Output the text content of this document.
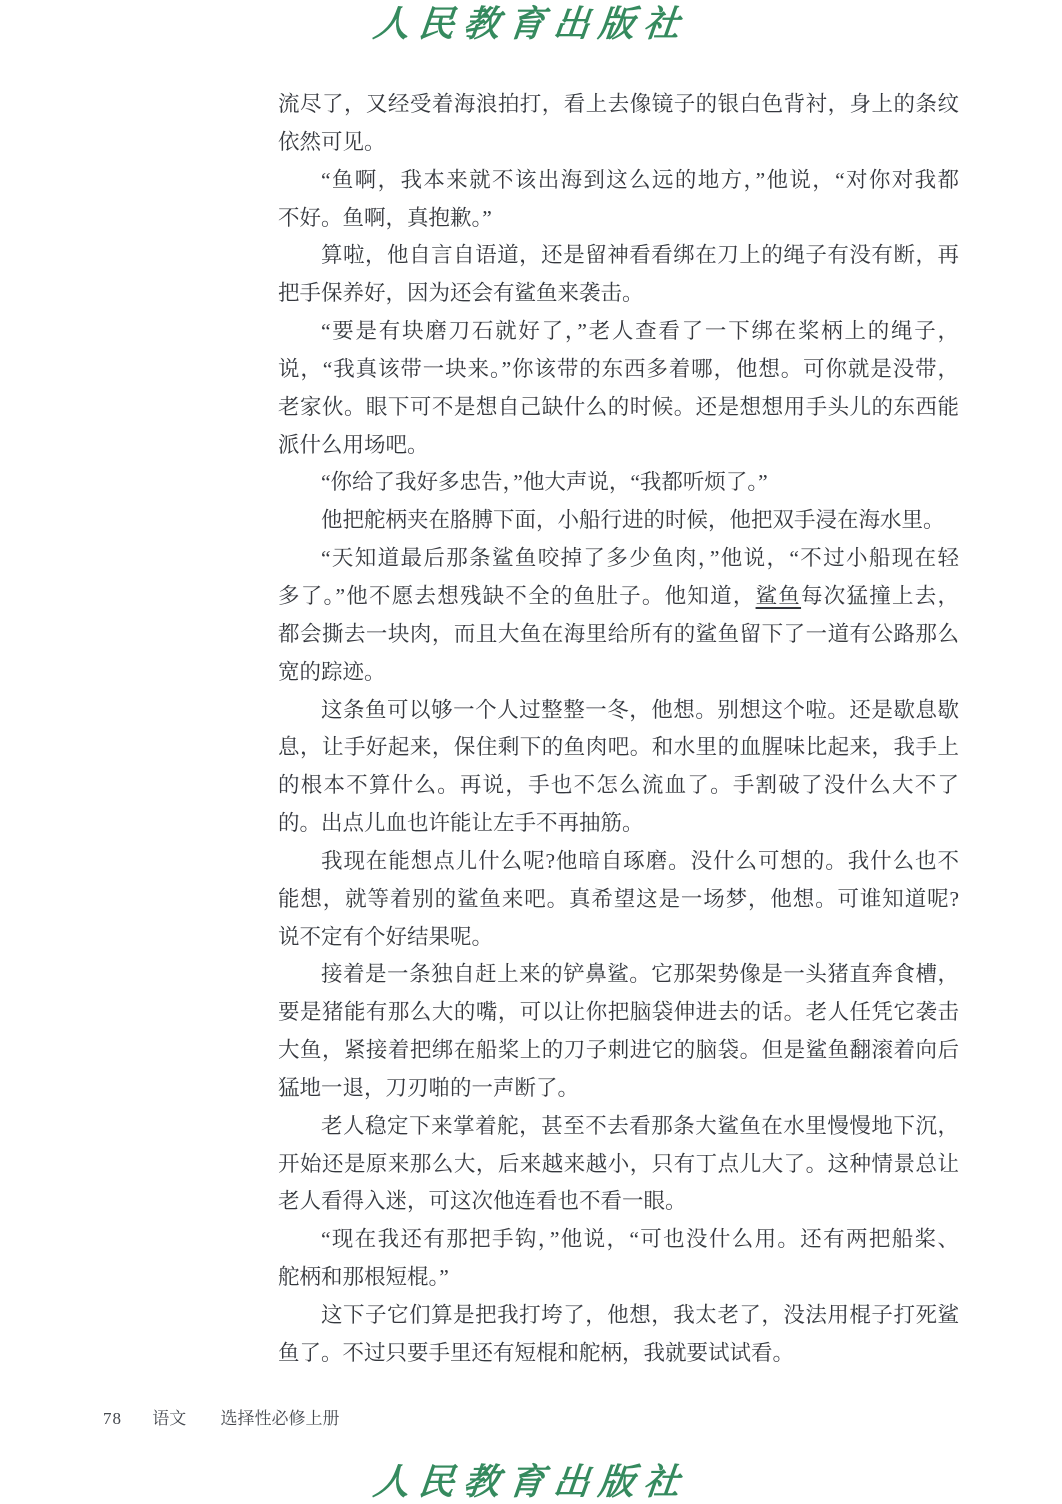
人民教育出版社
流尽了，又经受着海浪拍打，看上去像镜子的银白色背衬，身上的条纹
依然可见。
“鱼啊，我本来就不该出海到这么远的地方，”他说，“对你对我都
不好。鱼啊，真抱歉。”
算啦，他自言自语道，还是留神看看绑在刀上的绳子有没有断，再
把手保养好，因为还会有鲨鱼来袭击。
“要是有块磨刀石就好了，”老人查看了一下绑在桨柄上的绳子，
说，“我真该带一块来。”你该带的东西多着哪，他想。可你就是没带，
老家伙。眼下可不是想自己缺什么的时候。还是想想用手头儿的东西能
派什么用场吧。
“你给了我好多忠告，”他大声说，“我都听烦了。”
他把舵柄夹在胳膊下面，小船行进的时候，他把双手浸在海水里。
“天知道最后那条鲨鱼咬掉了多少鱼肉，”他说，“不过小船现在轻
多了。”他不愿去想残缺不全的鱼肚子。他知道，鲨鱼每次猛撞上去，
都会撕去一块肉，而且大鱼在海里给所有的鲨鱼留下了一道有公路那么
宽的踪迹。
这条鱼可以够一个人过整整一冬，他想。别想这个啦。还是歇息歇
息，让手好起来，保住剩下的鱼肉吧。和水里的血腥味比起来，我手上
的根本不算什么。再说，手也不怎么流血了。手割破了没什么大不了
的。出点儿血也许能让左手不再抽筋。
我现在能想点儿什么呢?他暗自琢磨。没什么可想的。我什么也不
能想，就等着别的鲨鱼来吧。真希望这是一场梦，他想。可谁知道呢?
说不定有个好结果呢。
接着是一条独自赶上来的铲鼻鲨。它那架势像是一头猪直奔食槽，
要是猪能有那么大的嘴，可以让你把脑袋伸进去的话。老人任凭它袭击
大鱼，紧接着把绑在船桨上的刀子刺进它的脑袋。但是鲨鱼翻滚着向后
猛地一退，刀刃啪的一声断了。
老人稳定下来掌着舵，甚至不去看那条大鲨鱼在水里慢慢地下沉，
开始还是原来那么大，后来越来越小，只有丁点儿大了。这种情景总让
老人看得入迷，可这次他连看也不看一眼。
“现在我还有那把手钩，”他说，“可也没什么用。还有两把船桨、
舵柄和那根短棍。”
这下子它们算是把我打垮了，他想，我太老了，没法用棍子打死鲨
鱼了。不过只要手里还有短棍和舵柄，我就要试试看。
78 语文 选择性必修上册
人民教育出版社
